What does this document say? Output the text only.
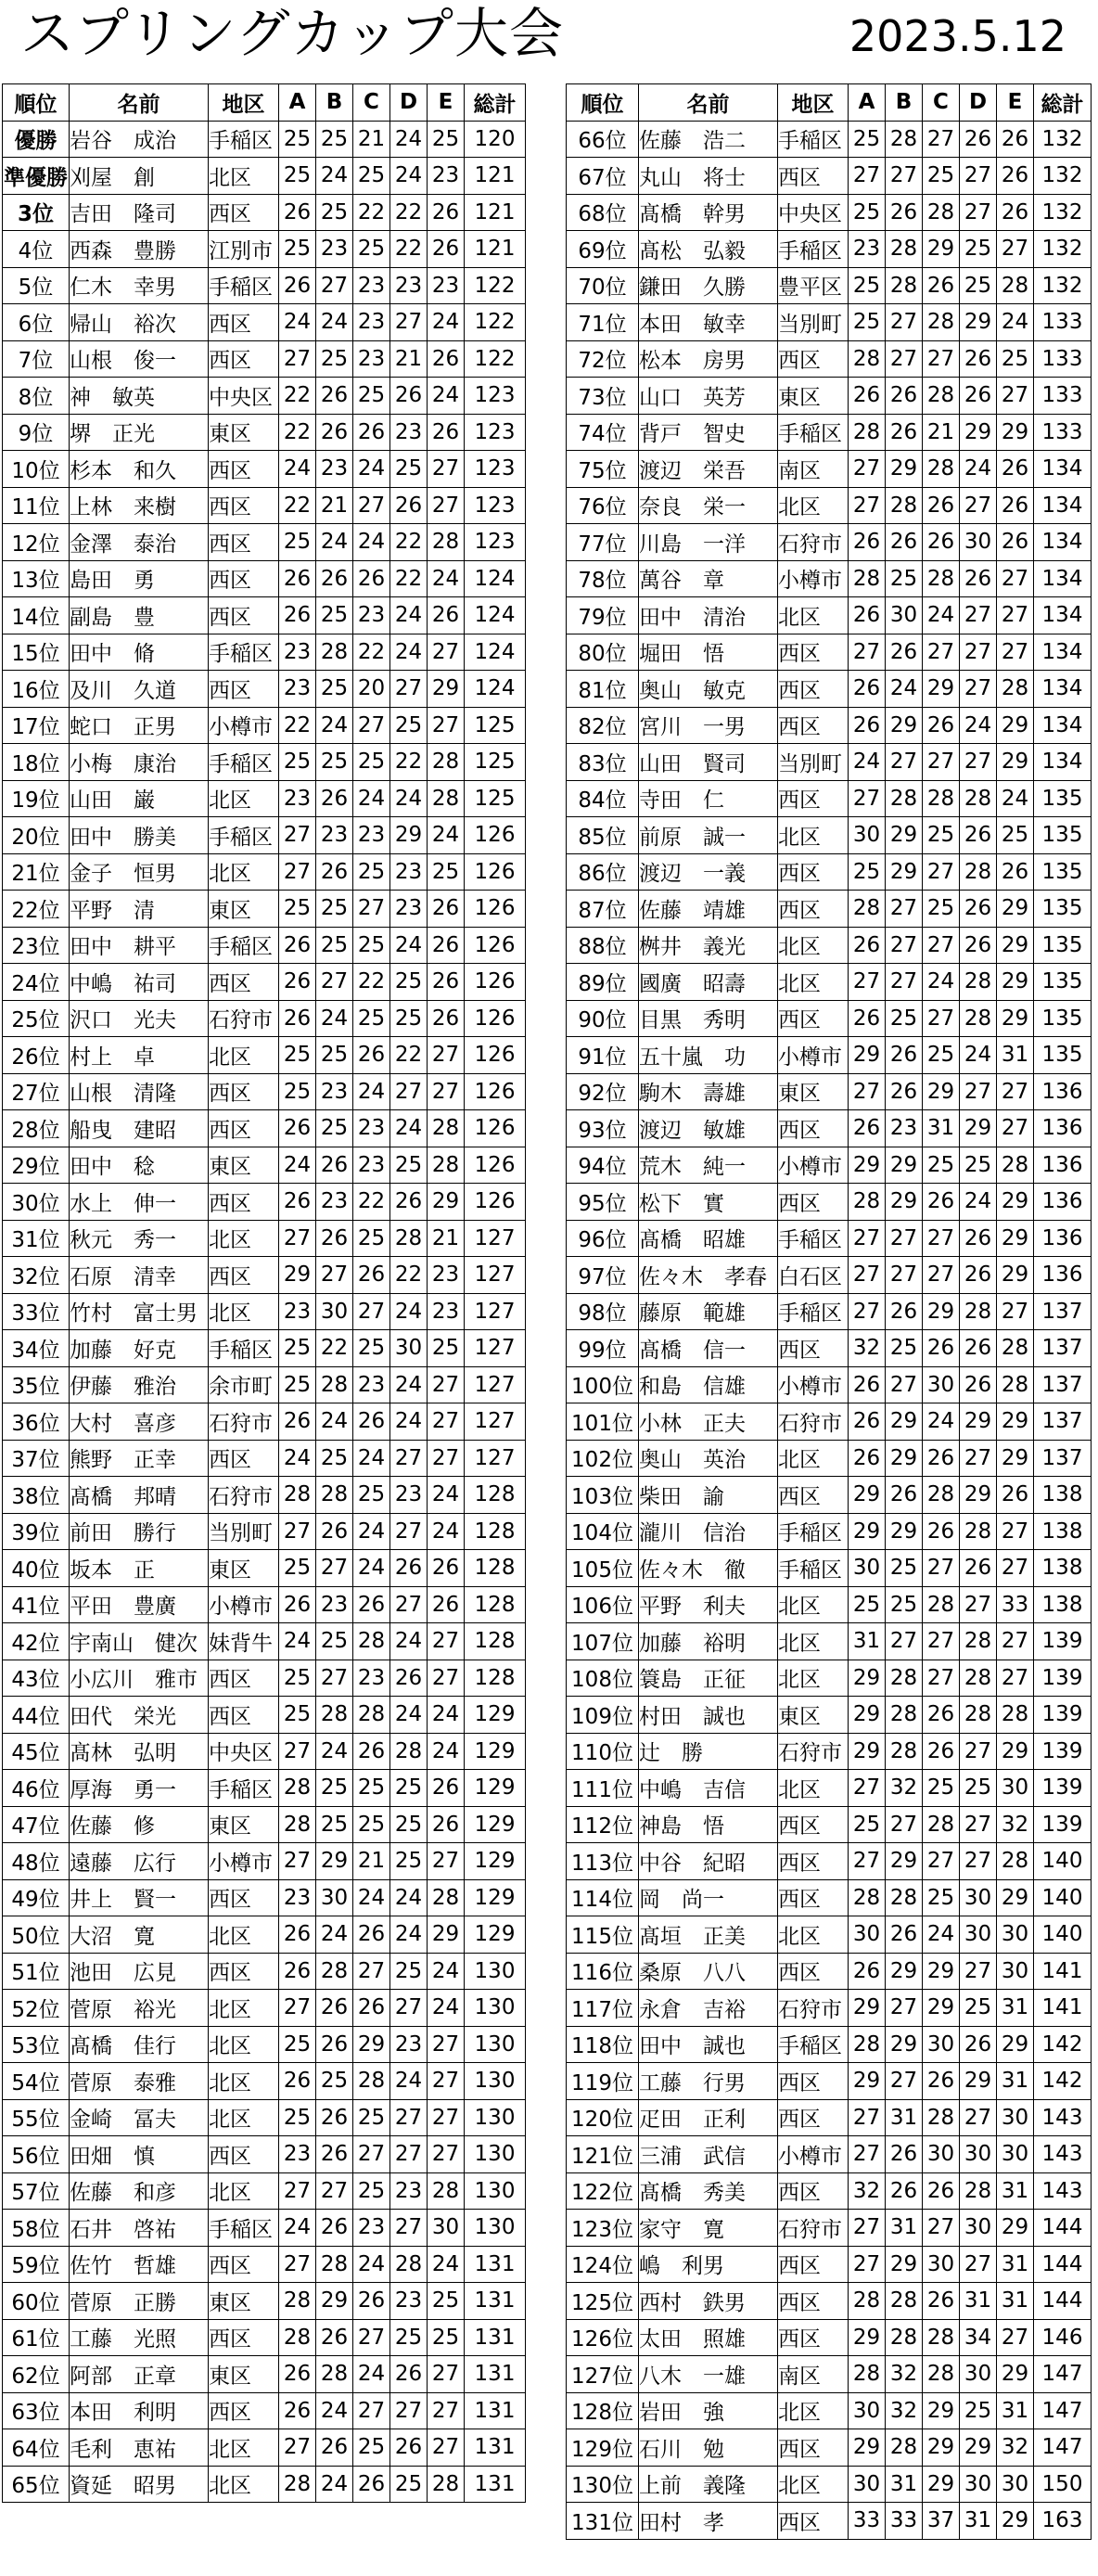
スプリングカップ大会	2023.5.12
順位	名前	地区	A	B	C	D	E	総計
優勝	岩谷　成治	手稲区	25	25	21	24	25	120
準優勝	刈屋　創	北区	25	24	25	24	23	121
3位	吉田　隆司	西区	26	25	22	22	26	121
4位	西森　豊勝	江別市	25	23	25	22	26	121
5位	仁木　幸男	手稲区	26	27	23	23	23	122
6位	帰山　裕次	西区	24	24	23	27	24	122
7位	山根　俊一	西区	27	25	23	21	26	122
8位	神　敏英	中央区	22	26	25	26	24	123
9位	堺　正光	東区	22	26	26	23	26	123
10位	杉本　和久	西区	24	23	24	25	27	123
11位	上林　来樹	西区	22	21	27	26	27	123
12位	金澤　泰治	西区	25	24	24	22	28	123
13位	島田　勇	西区	26	26	26	22	24	124
14位	副島　豊	西区	26	25	23	24	26	124
15位	田中　脩	手稲区	23	28	22	24	27	124
16位	及川　久道	西区	23	25	20	27	29	124
17位	蛇口　正男	小樽市	22	24	27	25	27	125
18位	小梅　康治	手稲区	25	25	25	22	28	125
19位	山田　巌	北区	23	26	24	24	28	125
20位	田中　勝美	手稲区	27	23	23	29	24	126
21位	金子　恒男	北区	27	26	25	23	25	126
22位	平野　清	東区	25	25	27	23	26	126
23位	田中　耕平	手稲区	26	25	25	24	26	126
24位	中嶋　祐司	西区	26	27	22	25	26	126
25位	沢口　光夫	石狩市	26	24	25	25	26	126
26位	村上　卓	北区	25	25	26	22	27	126
27位	山根　清隆	西区	25	23	24	27	27	126
28位	船曳　建昭	西区	26	25	23	24	28	126
29位	田中　稔	東区	24	26	23	25	28	126
30位	水上　伸一	西区	26	23	22	26	29	126
31位	秋元　秀一	北区	27	26	25	28	21	127
32位	石原　清幸	西区	29	27	26	22	23	127
33位	竹村　富士男	北区	23	30	27	24	23	127
34位	加藤　好克	手稲区	25	22	25	30	25	127
35位	伊藤　雅治	余市町	25	28	23	24	27	127
36位	大村　喜彦	石狩市	26	24	26	24	27	127
37位	熊野　正幸	西区	24	25	24	27	27	127
38位	髙橋　邦晴	石狩市	28	28	25	23	24	128
39位	前田　勝行	当別町	27	26	24	27	24	128
40位	坂本　正	東区	25	27	24	26	26	128
41位	平田　豊廣	小樽市	26	23	26	27	26	128
42位	宇南山　健次	妹背牛	24	25	28	24	27	128
43位	小広川　雅市	西区	25	27	23	26	27	128
44位	田代　栄光	西区	25	28	28	24	24	129
45位	髙林　弘明	中央区	27	24	26	28	24	129
46位	厚海　勇一	手稲区	28	25	25	25	26	129
47位	佐藤　修	東区	28	25	25	25	26	129
48位	遠藤　広行	小樽市	27	29	21	25	27	129
49位	井上　賢一	西区	23	30	24	24	28	129
50位	大沼　寛	北区	26	24	26	24	29	129
51位	池田　広見	西区	26	28	27	25	24	130
52位	菅原　裕光	北区	27	26	26	27	24	130
53位	髙橋　佳行	北区	25	26	29	23	27	130
54位	菅原　泰雅	北区	26	25	28	24	27	130
55位	金崎　冨夫	北区	25	26	25	27	27	130
56位	田畑　慎	西区	23	26	27	27	27	130
57位	佐藤　和彦	北区	27	27	25	23	28	130
58位	石井　啓祐	手稲区	24	26	23	27	30	130
59位	佐竹　哲雄	西区	27	28	24	28	24	131
60位	菅原　正勝	東区	28	29	26	23	25	131
61位	工藤　光照	西区	28	26	27	25	25	131
62位	阿部　正章	東区	26	28	24	26	27	131
63位	本田　利明	西区	26	24	27	27	27	131
64位	毛利　恵祐	北区	27	26	25	26	27	131
65位	資延　昭男	北区	28	24	26	25	28	131
順位	名前	地区	A	B	C	D	E	総計
66位	佐藤　浩二	手稲区	25	28	27	26	26	132
67位	丸山　将士	西区	27	27	25	27	26	132
68位	髙橋　幹男	中央区	25	26	28	27	26	132
69位	髙松　弘毅	手稲区	23	28	29	25	27	132
70位	鎌田　久勝	豊平区	25	28	26	25	28	132
71位	本田　敏幸	当別町	25	27	28	29	24	133
72位	松本　房男	西区	28	27	27	26	25	133
73位	山口　英芳	東区	26	26	28	26	27	133
74位	背戸　智史	手稲区	28	26	21	29	29	133
75位	渡辺　栄吾	南区	27	29	28	24	26	134
76位	奈良　栄一	北区	27	28	26	27	26	134
77位	川島　一洋	石狩市	26	26	26	30	26	134
78位	萬谷　章	小樽市	28	25	28	26	27	134
79位	田中　清治	北区	26	30	24	27	27	134
80位	堀田　悟	西区	27	26	27	27	27	134
81位	奥山　敏克	西区	26	24	29	27	28	134
82位	宮川　一男	西区	26	29	26	24	29	134
83位	山田　賢司	当別町	24	27	27	27	29	134
84位	寺田　仁	西区	27	28	28	28	24	135
85位	前原　誠一	北区	30	29	25	26	25	135
86位	渡辺　一義	西区	25	29	27	28	26	135
87位	佐藤　靖雄	西区	28	27	25	26	29	135
88位	桝井　義光	北区	26	27	27	26	29	135
89位	國廣　昭壽	北区	27	27	24	28	29	135
90位	目黒　秀明	西区	26	25	27	28	29	135
91位	五十嵐　功	小樽市	29	26	25	24	31	135
92位	駒木　壽雄	東区	27	26	29	27	27	136
93位	渡辺　敏雄	西区	26	23	31	29	27	136
94位	荒木　純一	小樽市	29	29	25	25	28	136
95位	松下　實	西区	28	29	26	24	29	136
96位	髙橋　昭雄	手稲区	27	27	27	26	29	136
97位	佐々木　孝春	白石区	27	27	27	26	29	136
98位	藤原　範雄	手稲区	27	26	29	28	27	137
99位	髙橋　信一	西区	32	25	26	26	28	137
100位	和島　信雄	小樽市	26	27	30	26	28	137
101位	小林　正夫	石狩市	26	29	24	29	29	137
102位	奥山　英治	北区	26	29	26	27	29	137
103位	柴田　諭	西区	29	26	28	29	26	138
104位	瀧川　信治	手稲区	29	29	26	28	27	138
105位	佐々木　徹	手稲区	30	25	27	26	27	138
106位	平野　利夫	北区	25	25	28	27	33	138
107位	加藤　裕明	北区	31	27	27	28	27	139
108位	簑島　正征	北区	29	28	27	28	27	139
109位	村田　誠也	東区	29	28	26	28	28	139
110位	辻　勝	石狩市	29	28	26	27	29	139
111位	中嶋　吉信	北区	27	32	25	25	30	139
112位	神島　悟	西区	25	27	28	27	32	139
113位	中谷　紀昭	西区	27	29	27	27	28	140
114位	岡　尚一	西区	28	28	25	30	29	140
115位	髙垣　正美	北区	30	26	24	30	30	140
116位	桑原　八八	西区	26	29	29	27	30	141
117位	永倉　吉裕	石狩市	29	27	29	25	31	141
118位	田中　誠也	手稲区	28	29	30	26	29	142
119位	工藤　行男	西区	29	27	26	29	31	142
120位	疋田　正利	西区	27	31	28	27	30	143
121位	三浦　武信	小樽市	27	26	30	30	30	143
122位	髙橋　秀美	西区	32	26	26	28	31	143
123位	家守　寛	石狩市	27	31	27	30	29	144
124位	嶋　利男	西区	27	29	30	27	31	144
125位	西村　鉄男	西区	28	28	26	31	31	144
126位	太田　照雄	西区	29	28	28	34	27	146
127位	八木　一雄	南区	28	32	28	30	29	147
128位	岩田　強	北区	30	32	29	25	31	147
129位	石川　勉	西区	29	28	29	29	32	147
130位	上前　義隆	北区	30	31	29	30	30	150
131位	田村　孝	西区	33	33	37	31	29	163
